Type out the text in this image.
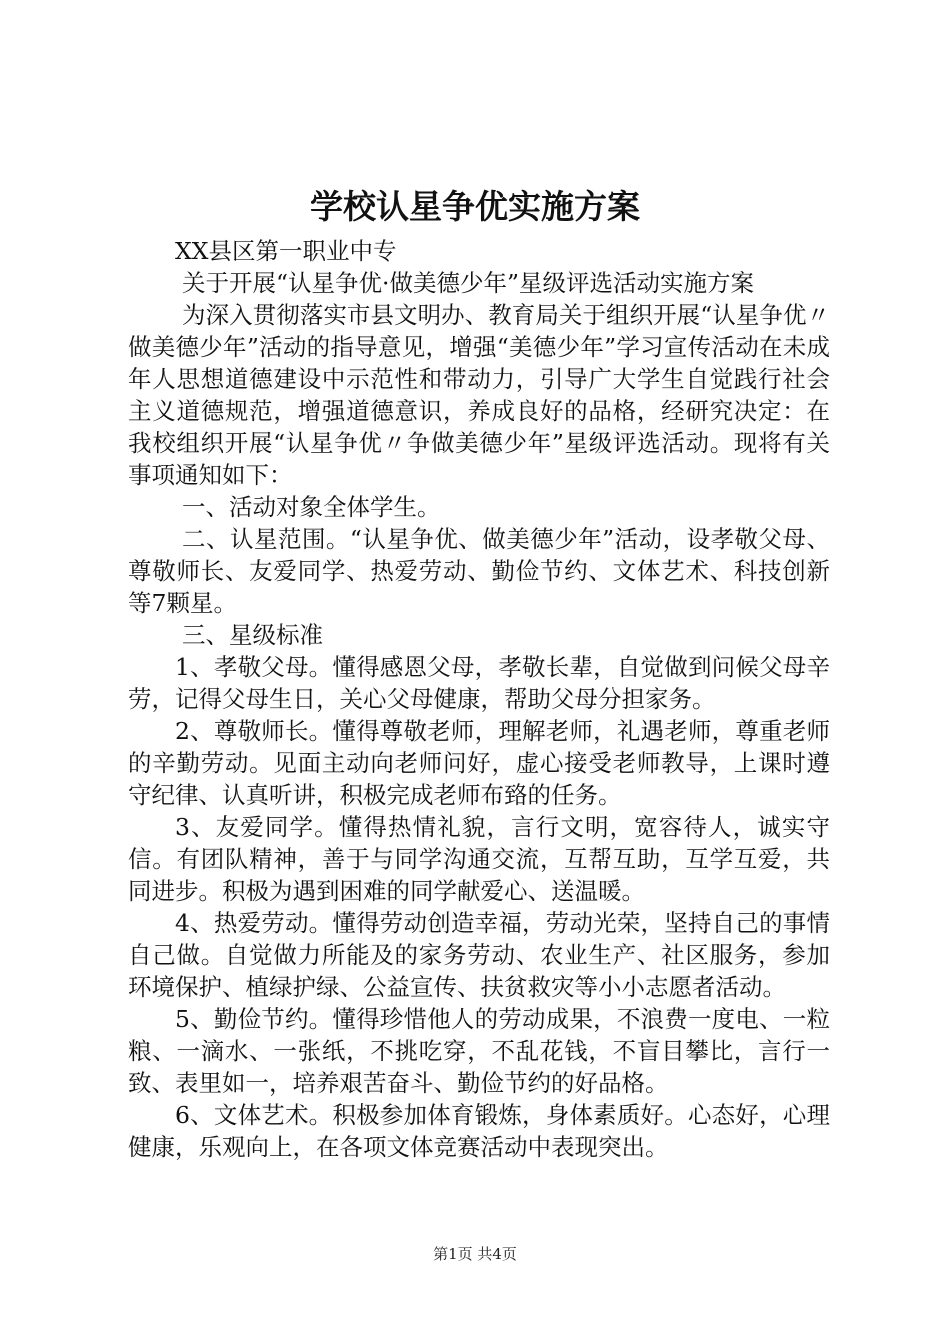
学校认星争优实施方案

XX县区第一职业中专

关于开展“认星争优·做美德少年”星级评选活动实施方案

为深入贯彻落实市县文明办、教育局关于组织开展“认星争优〃做美德少年”活动的指导意见，增强“美德少年”学习宣传活动在未成年人思想道德建设中示范性和带动力，引导广大学生自觉践行社会主义道德规范，增强道德意识，养成良好的品格，经研究决定：在我校组织开展“认星争优〃争做美德少年”星级评选活动。现将有关事项通知如下：

一、活动对象全体学生。

二、认星范围。“认星争优、做美德少年”活动，设孝敬父母、尊敬师长、友爱同学、热爱劳动、勤俭节约、文体艺术、科技创新等7颗星。

三、星级标准

1、孝敬父母。懂得感恩父母，孝敬长辈，自觉做到问候父母辛劳，记得父母生日，关心父母健康，帮助父母分担家务。

2、尊敬师长。懂得尊敬老师，理解老师，礼遇老师，尊重老师的辛勤劳动。见面主动向老师问好，虚心接受老师教导，上课时遵守纪律、认真听讲，积极完成老师布臵的任务。

3、友爱同学。懂得热情礼貌，言行文明，宽容待人，诚实守信。有团队精神，善于与同学沟通交流，互帮互助，互学互爱，共同进步。积极为遇到困难的同学献爱心、送温暖。

4、热爱劳动。懂得劳动创造幸福，劳动光荣，坚持自己的事情自己做。自觉做力所能及的家务劳动、农业生产、社区服务，参加环境保护、植绿护绿、公益宣传、扶贫救灾等小小志愿者活动。

5、勤俭节约。懂得珍惜他人的劳动成果，不浪费一度电、一粒粮、一滴水、一张纸，不挑吃穿，不乱花钱，不盲目攀比，言行一致、表里如一，培养艰苦奋斗、勤俭节约的好品格。

6、文体艺术。积极参加体育锻炼，身体素质好。心态好，心理健康，乐观向上，在各项文体竞赛活动中表现突出。

第1页 共4页
